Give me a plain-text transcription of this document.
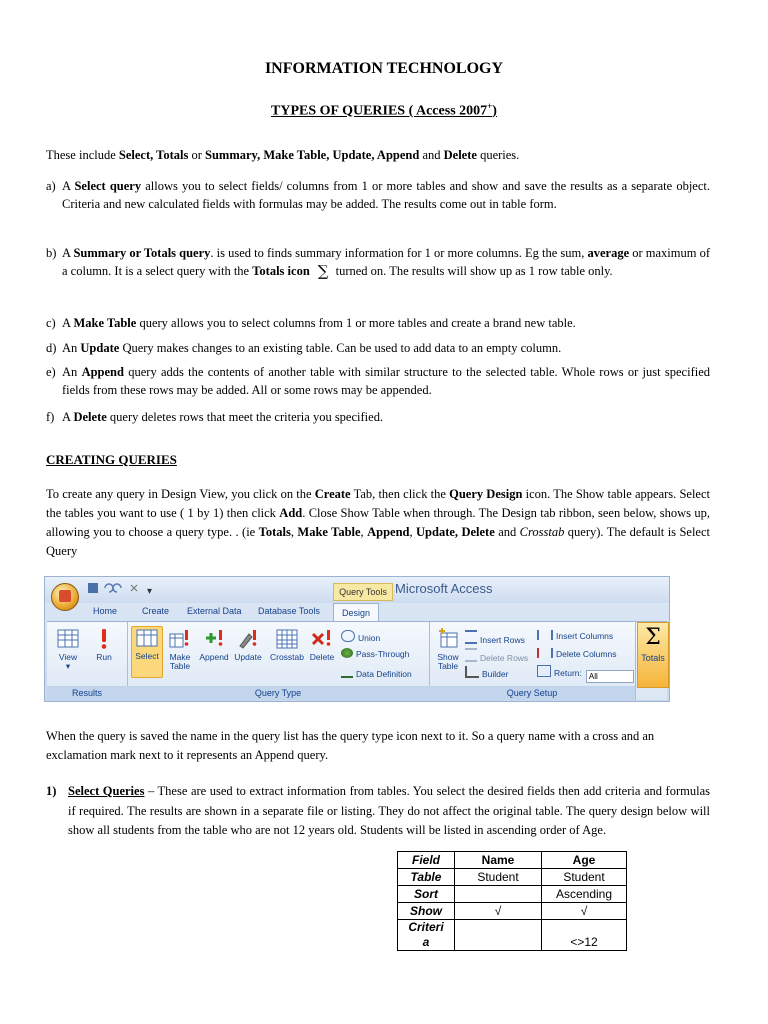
INFORMATION TECHNOLOGY
TYPES OF QUERIES ( Access 2007+)
These include Select, Totals or Summary, Make Table, Update, Append and Delete queries.
a) A Select query allows you to select fields/ columns from 1 or more tables and show and save the results as a separate object. Criteria and new calculated fields with formulas may be added. The results come out in table form.
b) A Summary or Totals query. is used to finds summary information for 1 or more columns. Eg the sum, average or maximum of a column. It is a select query with the Totals icon ∑ turned on. The results will show up as 1 row table only.
c) A Make Table query allows you to select columns from 1 or more tables and create a brand new table.
d) An Update Query makes changes to an existing table. Can be used to add data to an empty column.
e) An Append query adds the contents of another table with similar structure to the selected table. Whole rows or just specified fields from these rows may be added. All or some rows may be appended.
f) A Delete query deletes rows that meet the criteria you specified.
CREATING QUERIES
To create any query in Design View, you click on the Create Tab, then click the Query Design icon. The Show table appears. Select the tables you want to use ( 1 by 1) then click Add. Close Show Table when through. The Design tab ribbon, seen below, shows up, allowing you to choose a query type. . (ie Totals, Make Table, Append, Update, Delete and Crosstab query). The default is Select Query
▾	Query Tools Microsoft Access
Home	Create External Data Database Tools	Design
View
▾
Run
Results
Select	Make
Table
Append Update Crosstab Delete
Union
Pass-Through
Data Definition
Query Type
Show
Table
Insert Rows
Delete Rows
Builder
Insert Columns
Delete Columns
Return: All
Query Setup
Σ
Totals
When the query is saved the name in the query list has the query type icon next to it. So a query name with a cross and an exclamation mark next to it represents an Append query.
1) Select Queries – These are used to extract information from tables. You select the desired fields then add criteria and formulas if required. The results are shown in a separate file or listing. They do not affect the original table. The query design below will show all students from the table who are not 12 years old. Students will be listed in ascending order of Age.
Field	Name	Age
Table	Student	Student
Sort		Ascending
Show	√	√
Criteri
a		<>12
